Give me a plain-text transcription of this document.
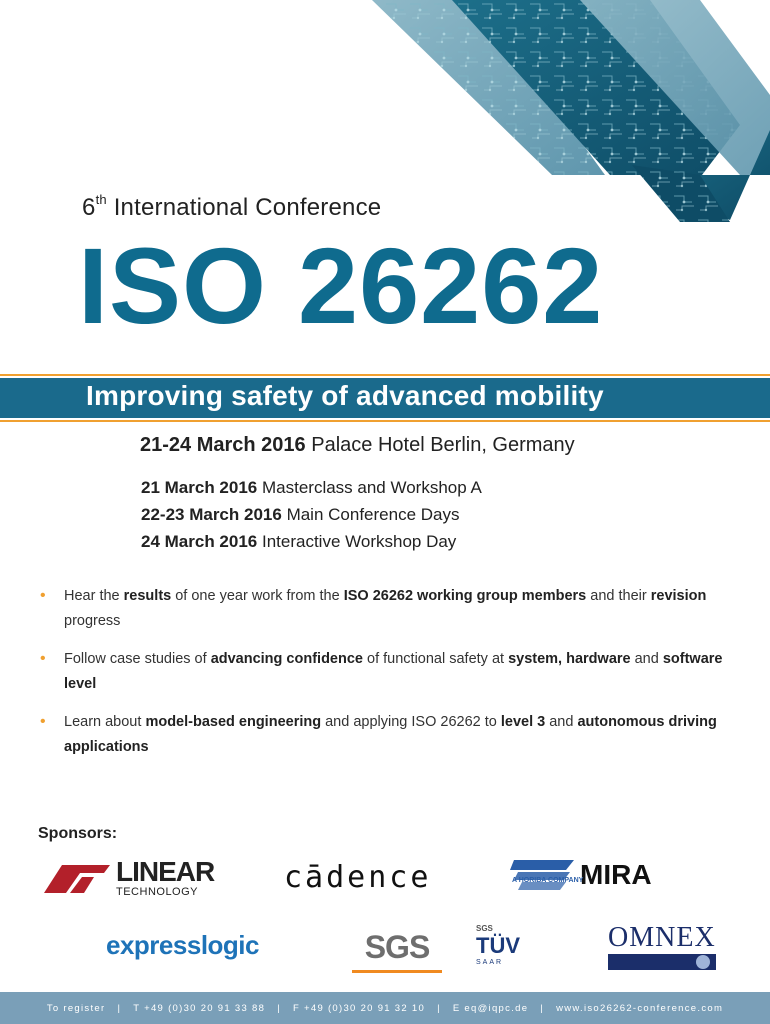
6th International Conference
ISO 26262
Improving safety of advanced mobility
21-24 March 2016 Palace Hotel Berlin, Germany
21 March 2016 Masterclass and Workshop A
22-23 March 2016 Main Conference Days
24 March 2016 Interactive Workshop Day
• Hear the results of one year work from the ISO 26262 working group members and their revision progress
• Follow case studies of advancing confidence of functional safety at system, hardware and software level
• Learn about model-based engineering and applying ISO 26262 to level 3 and autonomous driving applications
Sponsors:
LINEAR
TECHNOLOGY	cādence	A HORIBA COMPANY
MIRA
express logic	SGS	SGS
TÜV
SAAR
OMNEX
To register | T +49 (0)30 20 91 33 88 | F +49 (0)30 20 91 32 10 | E eq@iqpc.de | www.iso26262-conference.com
